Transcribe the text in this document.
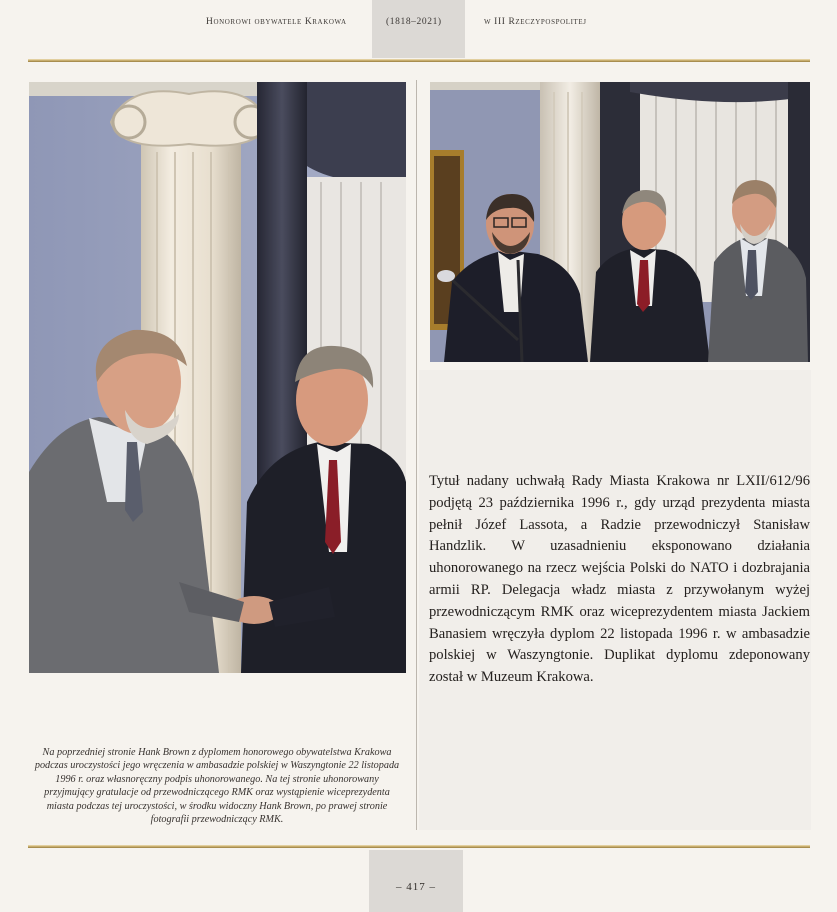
Honorowi obywatele Krakowa	(1818–2021)	w III Rzeczypospolitej

Tytuł nadany uchwałą Rady Miasta Krakowa nr LXII/612/96 podjętą 23 października 1996 r., gdy urząd prezydenta miasta pełnił Józef Lassota, a Radzie przewodniczył Stanisław Handzlik. W uzasadnieniu eksponowano działania uhonorowanego na rzecz wejścia Polski do NATO i dozbrajania armii RP. Delegacja władz miasta z przywołanym wyżej przewodniczącym RMK oraz wiceprezydentem miasta Jackiem Banasiem wręczyła dyplom 22 listopada 1996 r. w ambasadzie polskiej w Waszyngtonie. Duplikat dyplomu zdeponowany został w Muzeum Krakowa.

Na poprzedniej stronie Hank Brown z dyplomem honorowego obywatelstwa Krakowa podczas uroczystości jego wręczenia w ambasadzie polskiej w Waszyngtonie 22 listopada 1996 r. oraz własnoręczny podpis uhonorowanego. Na tej stronie uhonorowany przyjmujący gratulacje od przewodniczącego RMK oraz wystąpienie wiceprezydenta miasta podczas tej uroczystości, w środku widoczny Hank Brown, po prawej stronie fotografii przewodniczący RMK.

– 417 –
